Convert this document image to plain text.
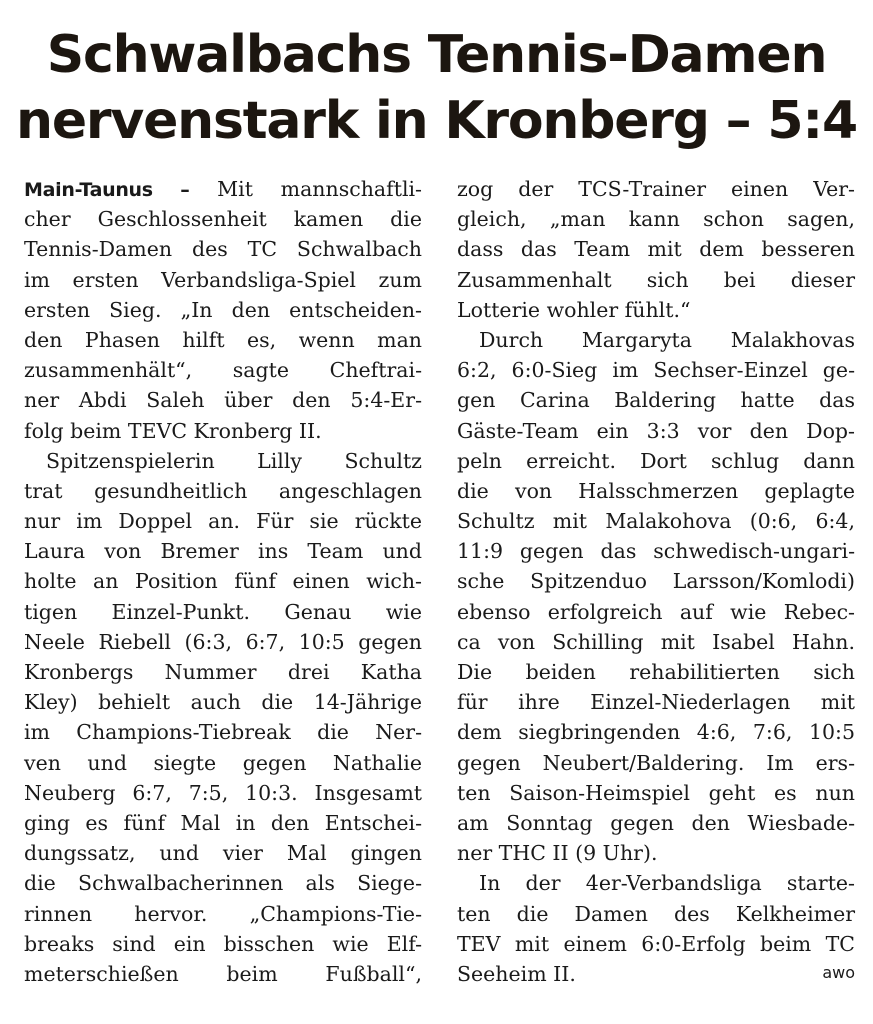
Schwalbachs Tennis-Damen
nervenstark in Kronberg – 5:4
Main-Taunus – Mit mannschaftli-
cher Geschlossenheit kamen die
Tennis-Damen des TC Schwalbach
im ersten Verbandsliga-Spiel zum
ersten Sieg. „In den entscheiden-
den Phasen hilft es, wenn man
zusammenhält“, sagte Cheftrai-
ner Abdi Saleh über den 5:4-Er-
folg beim TEVC Kronberg II.
Spitzenspielerin Lilly Schultz
trat gesundheitlich angeschlagen
nur im Doppel an. Für sie rückte
Laura von Bremer ins Team und
holte an Position fünf einen wich-
tigen Einzel-Punkt. Genau wie
Neele Riebell (6:3, 6:7, 10:5 gegen
Kronbergs Nummer drei Katha
Kley) behielt auch die 14-Jährige
im Champions-Tiebreak die Ner-
ven und siegte gegen Nathalie
Neuberg 6:7, 7:5, 10:3. Insgesamt
ging es fünf Mal in den Entschei-
dungssatz, und vier Mal gingen
die Schwalbacherinnen als Siege-
rinnen hervor. „Champions-Tie-
breaks sind ein bisschen wie Elf-
meterschießen beim Fußball“,
zog der TCS-Trainer einen Ver-
gleich, „man kann schon sagen,
dass das Team mit dem besseren
Zusammenhalt sich bei dieser
Lotterie wohler fühlt.“
Durch Margaryta Malakhovas
6:2, 6:0-Sieg im Sechser-Einzel ge-
gen Carina Baldering hatte das
Gäste-Team ein 3:3 vor den Dop-
peln erreicht. Dort schlug dann
die von Halsschmerzen geplagte
Schultz mit Malakohova (0:6, 6:4,
11:9 gegen das schwedisch-ungari-
sche Spitzenduo Larsson/Komlodi)
ebenso erfolgreich auf wie Rebec-
ca von Schilling mit Isabel Hahn.
Die beiden rehabilitierten sich
für ihre Einzel-Niederlagen mit
dem siegbringenden 4:6, 7:6, 10:5
gegen Neubert/Baldering. Im ers-
ten Saison-Heimspiel geht es nun
am Sonntag gegen den Wiesbade-
ner THC II (9 Uhr).
In der 4er-Verbandsliga starte-
ten die Damen des Kelkheimer
TEV mit einem 6:0-Erfolg beim TC
Seeheim II.	awo
